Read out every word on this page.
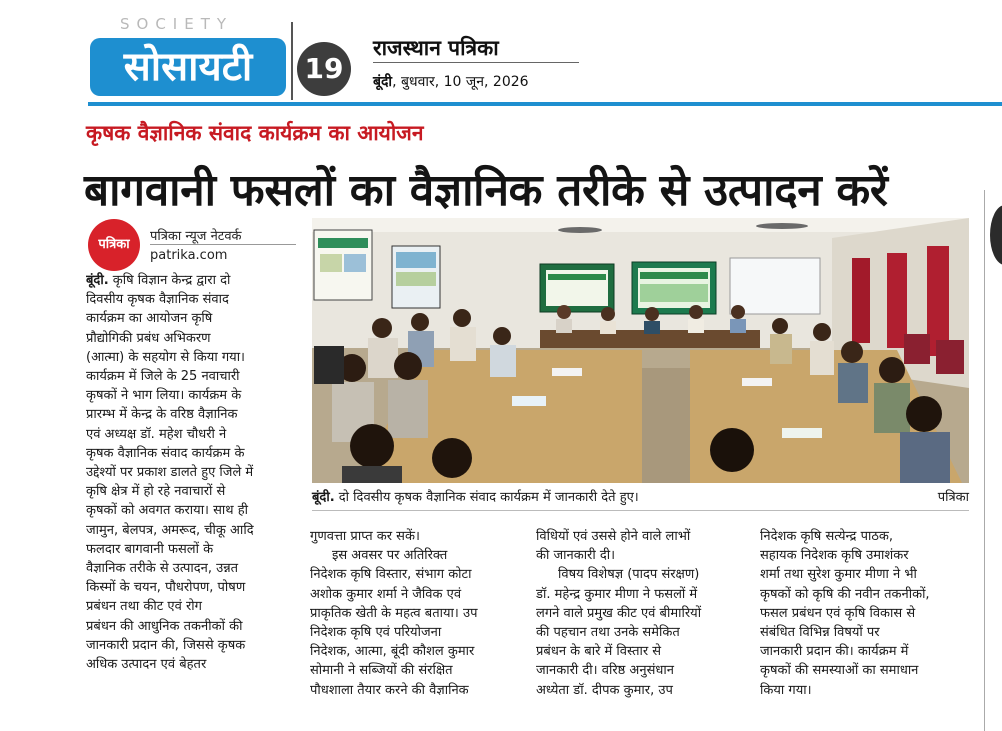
SOCIETY
सोसायटी	19
राजस्थान पत्रिका
बूंदी, बुधवार, 10 जून, 2026
कृषक वैज्ञानिक संवाद कार्यक्रम का आयोजन
बागवानी फसलों का वैज्ञानिक तरीके से उत्पादन करें
पत्रिका
पत्रिका न्यूज नेटवर्क
patrika.com
बूंदी. कृषि विज्ञान केन्द्र द्वारा दो
दिवसीय कृषक वैज्ञानिक संवाद
कार्यक्रम का आयोजन कृषि
प्रौद्योगिकी प्रबंध अभिकरण
(आत्मा) के सहयोग से किया गया।
कार्यक्रम में जिले के 25 नवाचारी
कृषकों ने भाग लिया। कार्यक्रम के
प्रारम्भ में केन्द्र के वरिष्ठ वैज्ञानिक
एवं अध्यक्ष डॉ. महेश चौधरी ने
कृषक वैज्ञानिक संवाद कार्यक्रम के
उद्देश्यों पर प्रकाश डालते हुए जिले में
कृषि क्षेत्र में हो रहे नवाचारों से
कृषकों को अवगत कराया। साथ ही
जामुन, बेलपत्र, अमरूद, चीकू आदि
फलदार बागवानी फसलों के
वैज्ञानिक तरीके से उत्पादन, उन्नत
किस्मों के चयन, पौधरोपण, पोषण
प्रबंधन तथा कीट एवं रोग
प्रबंधन की आधुनिक तकनीकों की
जानकारी प्रदान की, जिससे कृषक
अधिक उत्पादन एवं बेहतर
बूंदी. दो दिवसीय कृषक वैज्ञानिक संवाद कार्यक्रम में जानकारी देते हुए।	पत्रिका
गुणवत्ता प्राप्त कर सकें।
इस अवसर पर अतिरिक्त
निदेशक कृषि विस्तार, संभाग कोटा
अशोक कुमार शर्मा ने जैविक एवं
प्राकृतिक खेती के महत्व बताया। उप
निदेशक कृषि एवं परियोजना
निदेशक, आत्मा, बूंदी कौशल कुमार
सोमानी ने सब्जियों की संरक्षित
पौधशाला तैयार करने की वैज्ञानिक
विधियों एवं उससे होने वाले लाभों
की जानकारी दी।
विषय विशेषज्ञ (पादप संरक्षण)
डॉ. महेन्द्र कुमार मीणा ने फसलों में
लगने वाले प्रमुख कीट एवं बीमारियों
की पहचान तथा उनके समेकित
प्रबंधन के बारे में विस्तार से
जानकारी दी। वरिष्ठ अनुसंधान
अध्येता डॉ. दीपक कुमार, उप
निदेशक कृषि सत्येन्द्र पाठक,
सहायक निदेशक कृषि उमाशंकर
शर्मा तथा सुरेश कुमार मीणा ने भी
कृषकों को कृषि की नवीन तकनीकों,
फसल प्रबंधन एवं कृषि विकास से
संबंधित विभिन्न विषयों पर
जानकारी प्रदान की। कार्यक्रम में
कृषकों की समस्याओं का समाधान
किया गया।
